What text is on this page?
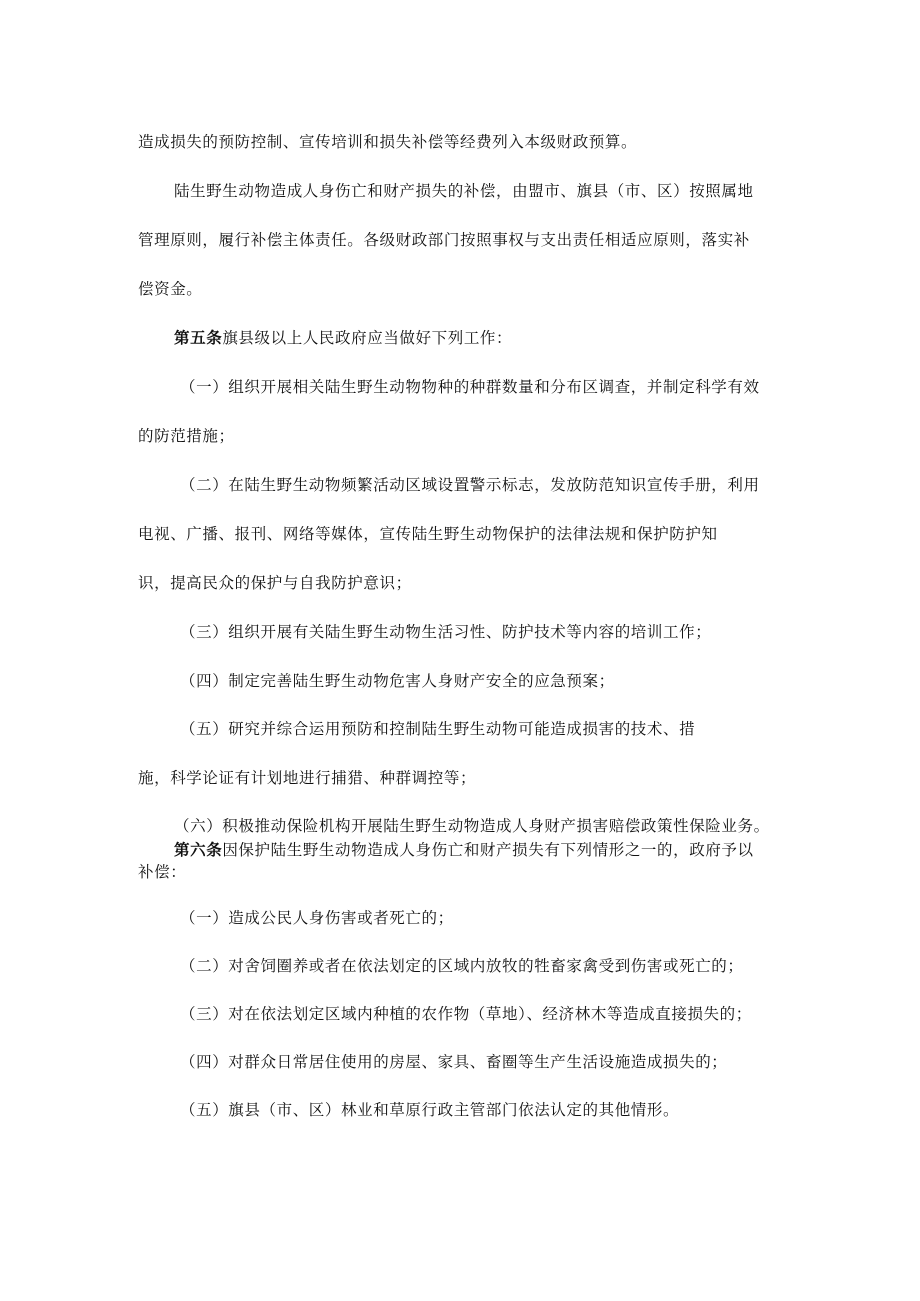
造成损失的预防控制、宣传培训和损失补偿等经费列入本级财政预算。
陆生野生动物造成人身伤亡和财产损失的补偿，由盟市、旗县（市、区）按照属地
管理原则，履行补偿主体责任。各级财政部门按照事权与支出责任相适应原则，落实补
偿资金。
第五条旗县级以上人民政府应当做好下列工作：
（一）组织开展相关陆生野生动物物种的种群数量和分布区调查，并制定科学有效
的防范措施；
（二）在陆生野生动物频繁活动区域设置警示标志，发放防范知识宣传手册，利用
电视、广播、报刊、网络等媒体，宣传陆生野生动物保护的法律法规和保护防护知
识，提高民众的保护与自我防护意识；
（三）组织开展有关陆生野生动物生活习性、防护技术等内容的培训工作；
（四）制定完善陆生野生动物危害人身财产安全的应急预案；
（五）研究并综合运用预防和控制陆生野生动物可能造成损害的技术、措
施，科学论证有计划地进行捕猎、种群调控等；
（六）积极推动保险机构开展陆生野生动物造成人身财产损害赔偿政策性保险业务。
第六条因保护陆生野生动物造成人身伤亡和财产损失有下列情形之一的，政府予以
补偿：
（一）造成公民人身伤害或者死亡的；
（二）对舍饲圈养或者在依法划定的区域内放牧的牲畜家禽受到伤害或死亡的；
（三）对在依法划定区域内种植的农作物（草地）、经济林木等造成直接损失的；
（四）对群众日常居住使用的房屋、家具、畜圈等生产生活设施造成损失的；
（五）旗县（市、区）林业和草原行政主管部门依法认定的其他情形。
